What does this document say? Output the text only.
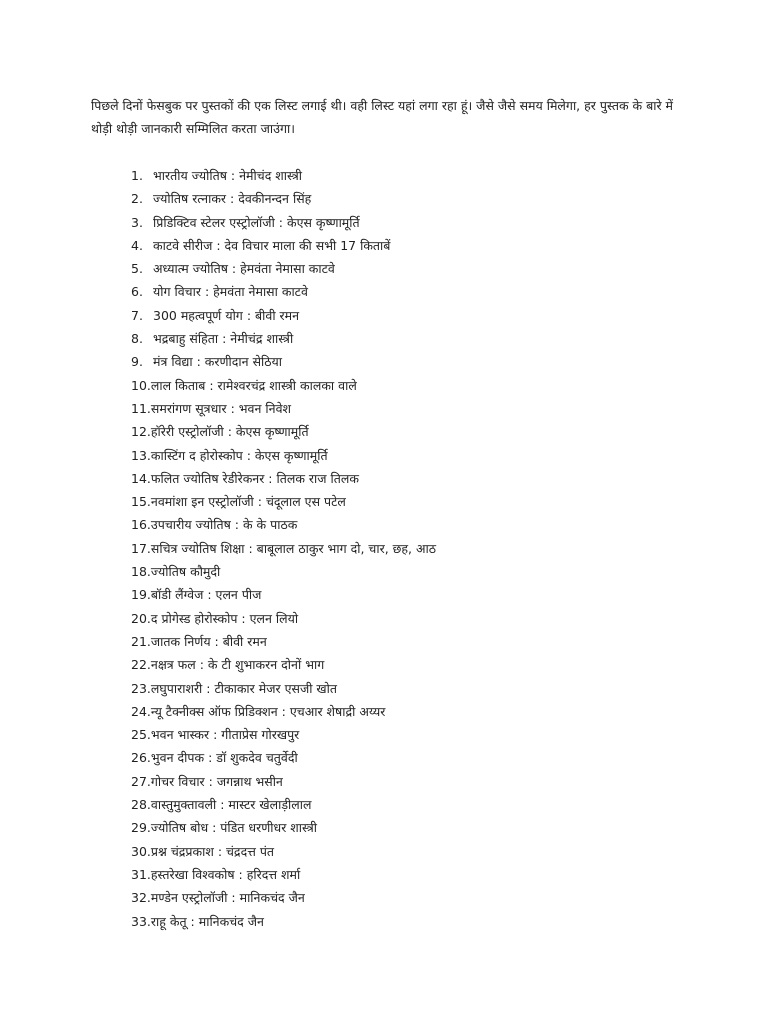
पिछले दिनों फेसबुक पर पुस्तकों की एक लिस्ट लगाई थी। वही लिस्ट यहां लगा रहा हूं। जैसे जैसे समय मिलेगा, हर पुस्तक के बारे में थोड़ी थोड़ी जानकारी सम्मिलित करता जाउंगा।

1. भारतीय ज्योतिष : नेमीचंद शास्त्री
2. ज्योतिष रत्नाकर : देवकीनन्दन सिंह
3. प्रिडिक्टिव स्टेलर एस्ट्रोलॉजी : केएस कृष्णामूर्ति
4. काटवे सीरीज : देव विचार माला की सभी 17 किताबें
5. अध्यात्म ज्योतिष : हेमवंता नेमासा काटवे
6. योग विचार : हेमवंता नेमासा काटवे
7. 300 महत्वपूर्ण योग : बीवी रमन
8. भद्रबाहु संहिता : नेमीचंद्र शास्त्री
9. मंत्र विद्या : करणीदान सेठिया
10. लाल किताब : रामेश्वरचंद्र शास्त्री कालका वाले
11. समरांगण सूत्रधार : भवन निवेश
12. हॉरेरी एस्ट्रोलॉजी : केएस कृष्णामूर्ति
13. कास्टिंग द होरोस्कोप : केएस कृष्णामूर्ति
14. फलित ज्योतिष रेडीरेकनर : तिलक राज तिलक
15. नवमांशा इन एस्ट्रोलॉजी : चंदूलाल एस पटेल
16. उपचारीय ज्योतिष : के के पाठक
17. सचित्र ज्योतिष शिक्षा : बाबूलाल ठाकुर भाग दो, चार, छह, आठ
18. ज्योतिष कौमुदी
19. बॉडी लैंग्वेज : एलन पीज
20. द प्रोगेस्ड होरोस्कोप : एलन लियो
21. जातक निर्णय : बीवी रमन
22. नक्षत्र फल : के टी शुभाकरन दोनों भाग
23. लघुपाराशरी : टीकाकार मेजर एसजी खोत
24. न्यू टैक्नीक्स ऑफ प्रिडिक्शन : एचआर शेषाद्री अय्यर
25. भवन भास्कर : गीताप्रेस गोरखपुर
26. भुवन दीपक : डॉ शुकदेव चतुर्वेदी
27. गोचर विचार : जगन्नाथ भसीन
28. वास्तुमुक्तावली : मास्टर खेलाड़ीलाल
29. ज्योतिष बोध : पंडित धरणीधर शास्त्री
30. प्रश्न चंद्रप्रकाश : चंद्रदत्त पंत
31. हस्तरेखा विश्वकोष : हरिदत्त शर्मा
32. मण्डेन एस्ट्रोलॉजी : मानिकचंद जैन
33. राहू केतू : मानिकचंद जैन
